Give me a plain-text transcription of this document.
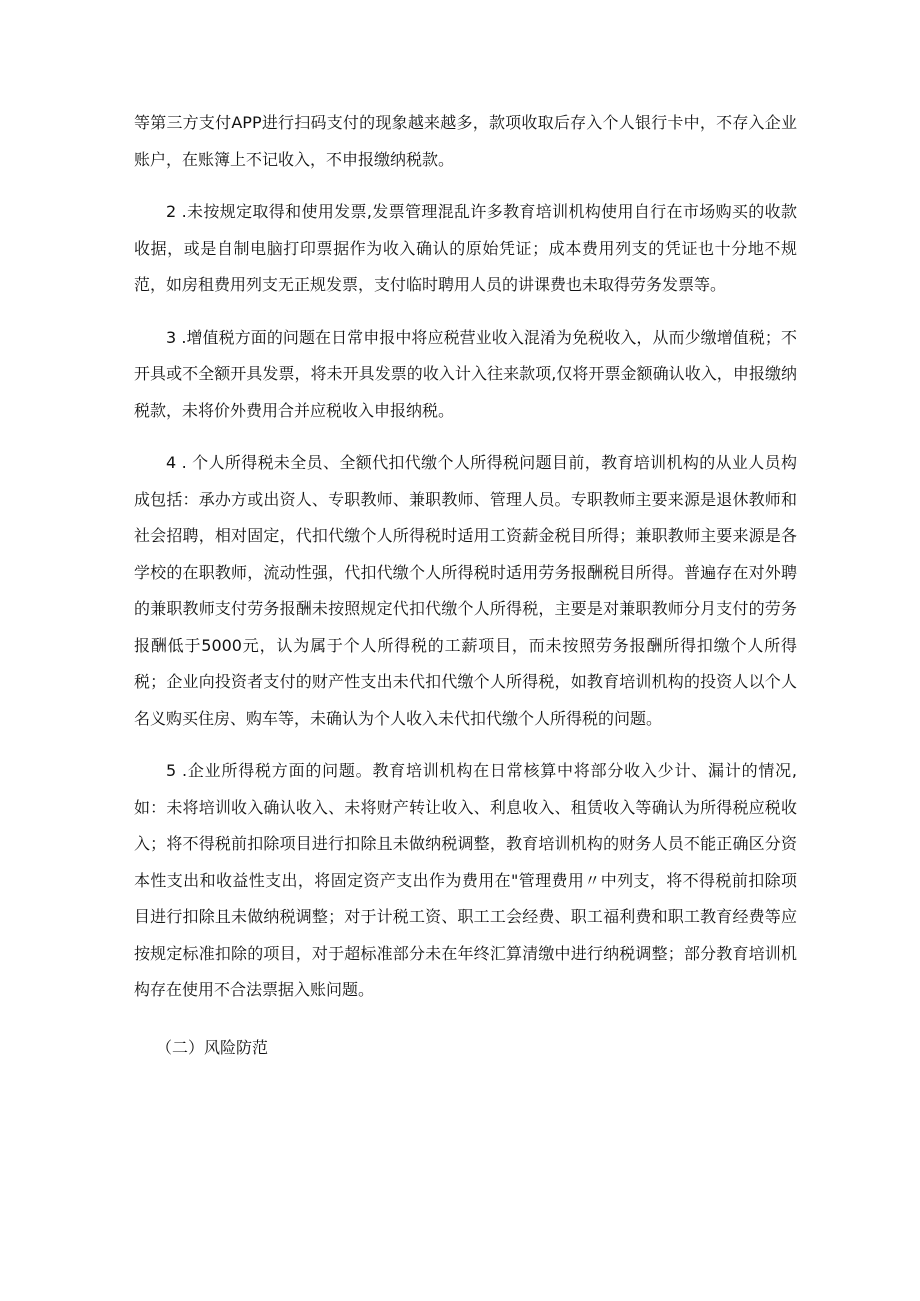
等第三方支付APP进行扫码支付的现象越来越多，款项收取后存入个人银行卡中，不存入企业账户，在账簿上不记收入，不申报缴纳税款。

2 .未按规定取得和使用发票,发票管理混乱许多教育培训机构使用自行在市场购买的收款收据，或是自制电脑打印票据作为收入确认的原始凭证；成本费用列支的凭证也十分地不规范，如房租费用列支无正规发票，支付临时聘用人员的讲课费也未取得劳务发票等。

3 .增值税方面的问题在日常申报中将应税营业收入混淆为免税收入，从而少缴增值税；不开具或不全额开具发票，将未开具发票的收入计入往来款项,仅将开票金额确认收入，申报缴纳税款，未将价外费用合并应税收入申报纳税。

4 . 个人所得税未全员、全额代扣代缴个人所得税问题目前，教育培训机构的从业人员构成包括：承办方或出资人、专职教师、兼职教师、管理人员。专职教师主要来源是退休教师和社会招聘，相对固定，代扣代缴个人所得税时适用工资薪金税目所得；兼职教师主要来源是各学校的在职教师，流动性强，代扣代缴个人所得税时适用劳务报酬税目所得。普遍存在对外聘的兼职教师支付劳务报酬未按照规定代扣代缴个人所得税，主要是对兼职教师分月支付的劳务报酬低于5000元，认为属于个人所得税的工薪项目，而未按照劳务报酬所得扣缴个人所得税；企业向投资者支付的财产性支出未代扣代缴个人所得税，如教育培训机构的投资人以个人名义购买住房、购车等，未确认为个人收入未代扣代缴个人所得税的问题。

5 .企业所得税方面的问题。教育培训机构在日常核算中将部分收入少计、漏计的情况,如：未将培训收入确认收入、未将财产转让收入、利息收入、租赁收入等确认为所得税应税收入；将不得税前扣除项目进行扣除且未做纳税调整，教育培训机构的财务人员不能正确区分资本性支出和收益性支出，将固定资产支出作为费用在"管理费用〃中列支，将不得税前扣除项目进行扣除且未做纳税调整；对于计税工资、职工工会经费、职工福利费和职工教育经费等应按规定标准扣除的项目，对于超标准部分未在年终汇算清缴中进行纳税调整；部分教育培训机构存在使用不合法票据入账问题。

（二）风险防范
